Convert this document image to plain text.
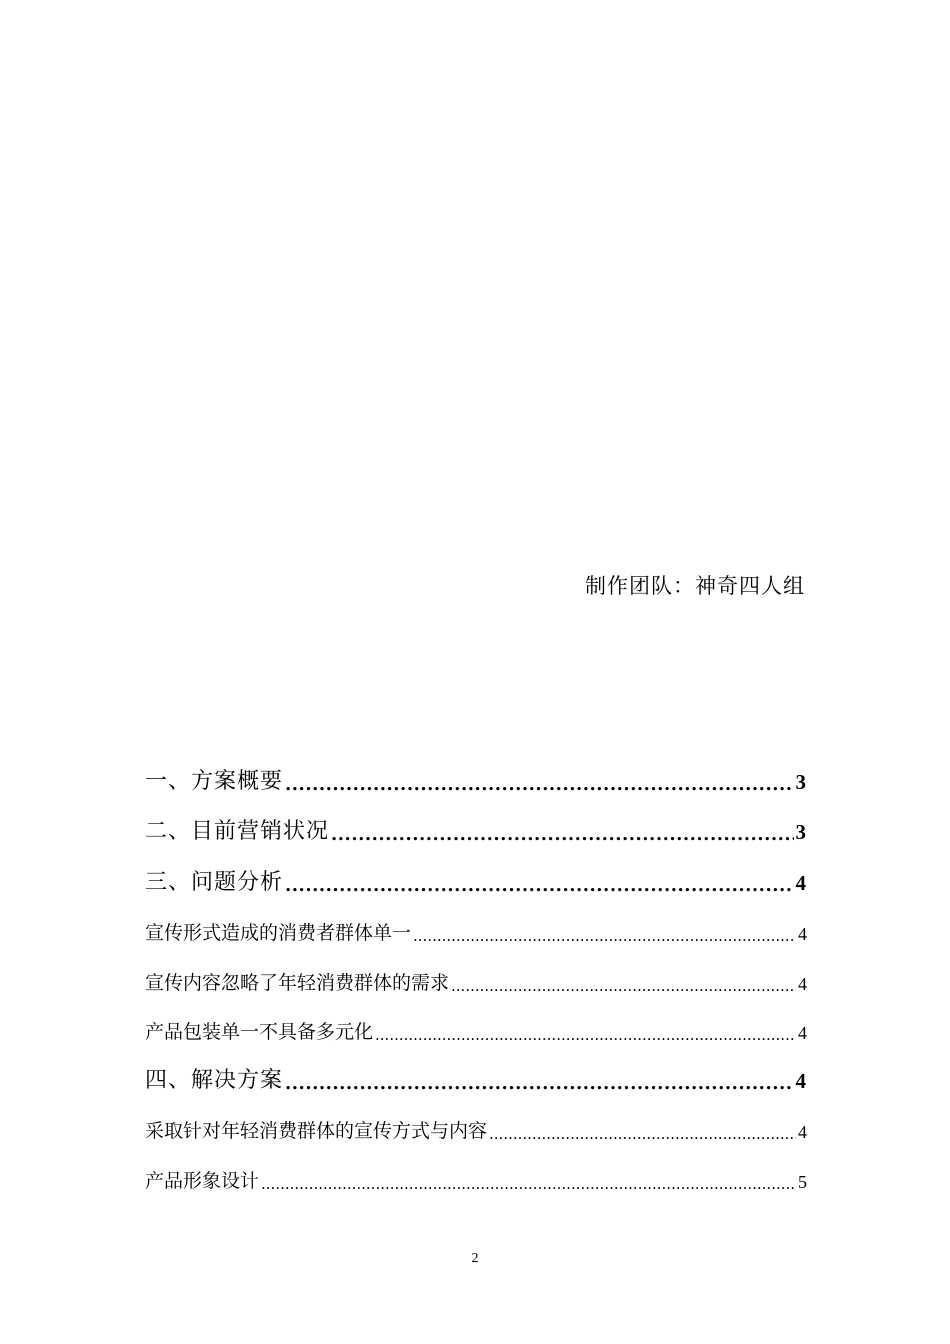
制作团队：神奇四人组
一、方案概要 .....	3
二、目前营销状况 .....	3
三、问题分析 .....	4
宣传形式造成的消费者群体单一 .....	4
宣传内容忽略了年轻消费群体的需求 .....	4
产品包装单一不具备多元化 .....	4
四、解决方案 .....	4
采取针对年轻消费群体的宣传方式与内容 .....	4
产品形象设计 .....	5
2
